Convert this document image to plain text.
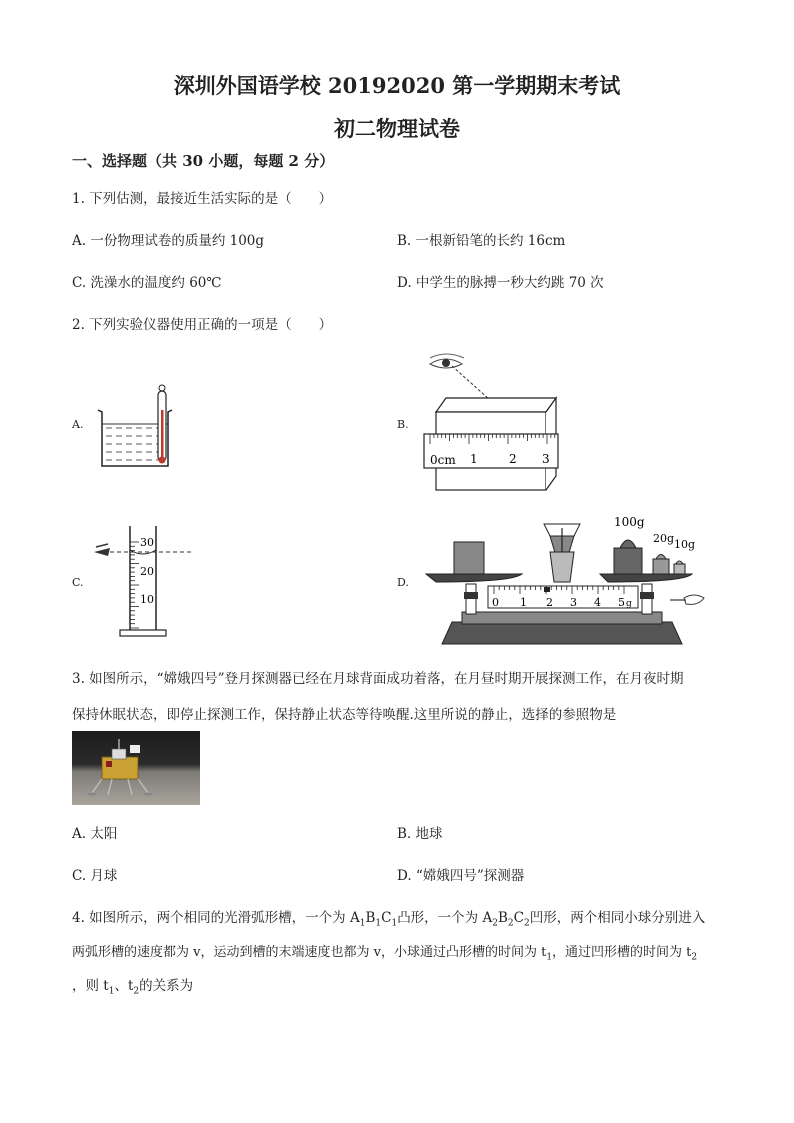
深圳外国语学校 20192020 第一学期期末考试
初二物理试卷
一、选择题（共 30 小题，每题 2 分）
1. 下列估测，最接近生活实际的是（　　）
A. 一份物理试卷的质量约 100g	B. 一根新铅笔的长约 16cm
C. 洗澡水的温度约 60℃	D. 中学生的脉搏一秒大约跳 70 次
2. 下列实验仪器使用正确的一项是（　　）
A.	B.
C.	D.
0cm 1	2 3
30
20
10
100g
20g 10g
0 1 2 3 4 5 g
3. 如图所示，“嫦娥四号”登月探测器已经在月球背面成功着落，在月昼时期开展探测工作，在月夜时期
保持休眠状态，即停止探测工作，保持静止状态等待唤醒.这里所说的静止，选择的参照物是
A. 太阳	B. 地球
C. 月球	D. “嫦娥四号”探测器
4. 如图所示，两个相同的光滑弧形槽，一个为 $A_1B_1C_1$凸形，一个为 $A_2B_2C_2$凹形，两个相同小球分别进入
两弧形槽的速度都为 v，运动到槽的末端速度也都为 v，小球通过凸形槽的时间为 $t_1$，通过凹形槽的时间为 $t_2$
，则 $t_1$、$t_2$的关系为
